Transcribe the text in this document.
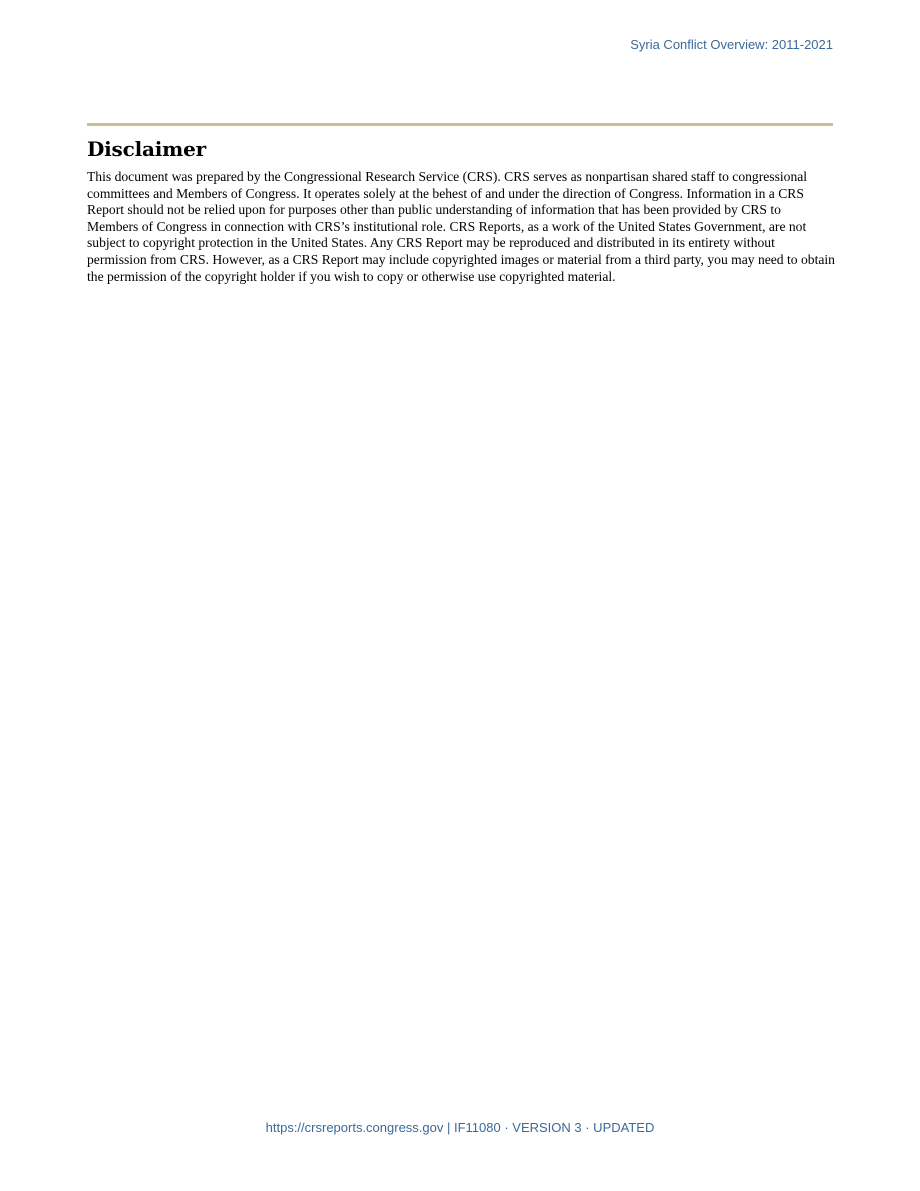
Syria Conflict Overview: 2011-2021
Disclaimer

This document was prepared by the Congressional Research Service (CRS). CRS serves as nonpartisan shared staff to congressional committees and Members of Congress. It operates solely at the behest of and under the direction of Congress. Information in a CRS Report should not be relied upon for purposes other than public understanding of information that has been provided by CRS to Members of Congress in connection with CRS’s institutional role. CRS Reports, as a work of the United States Government, are not subject to copyright protection in the United States. Any CRS Report may be reproduced and distributed in its entirety without permission from CRS. However, as a CRS Report may include copyrighted images or material from a third party, you may need to obtain the permission of the copyright holder if you wish to copy or otherwise use copyrighted material.

https://crsreports.congress.gov | IF11080 · VERSION 3 · UPDATED
